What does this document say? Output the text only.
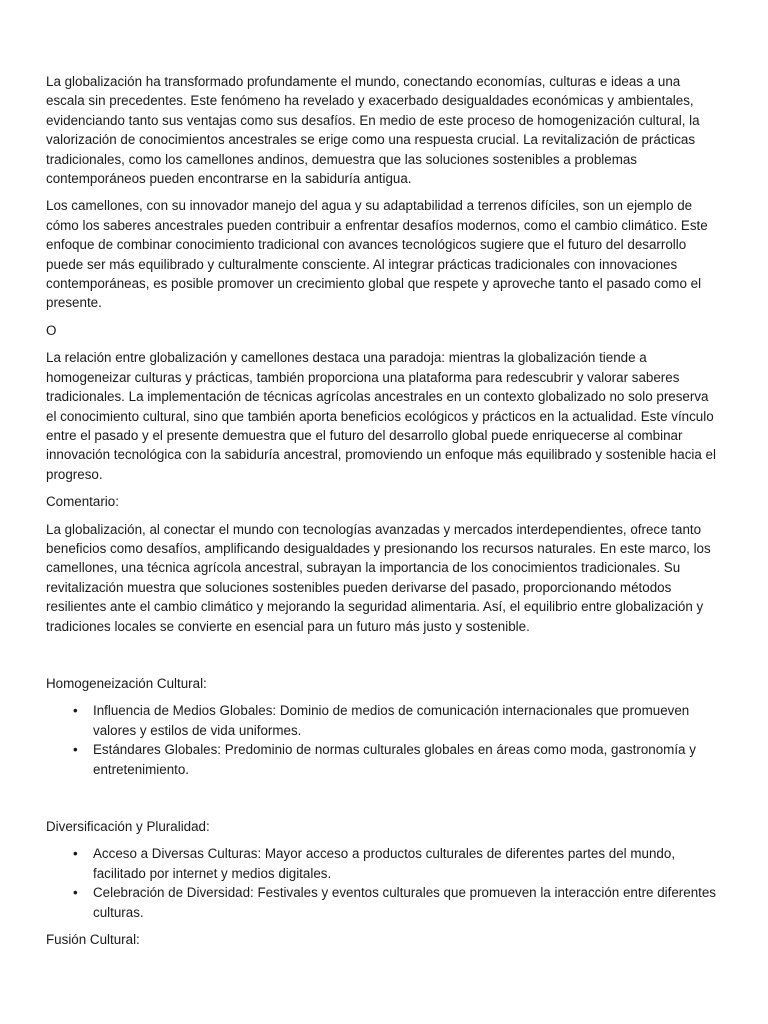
La globalización ha transformado profundamente el mundo, conectando economías, culturas e ideas a una escala sin precedentes. Este fenómeno ha revelado y exacerbado desigualdades económicas y ambientales, evidenciando tanto sus ventajas como sus desafíos. En medio de este proceso de homogenización cultural, la valorización de conocimientos ancestrales se erige como una respuesta crucial. La revitalización de prácticas tradicionales, como los camellones andinos, demuestra que las soluciones sostenibles a problemas contemporáneos pueden encontrarse en la sabiduría antigua.

Los camellones, con su innovador manejo del agua y su adaptabilidad a terrenos difíciles, son un ejemplo de cómo los saberes ancestrales pueden contribuir a enfrentar desafíos modernos, como el cambio climático. Este enfoque de combinar conocimiento tradicional con avances tecnológicos sugiere que el futuro del desarrollo puede ser más equilibrado y culturalmente consciente. Al integrar prácticas tradicionales con innovaciones contemporáneas, es posible promover un crecimiento global que respete y aproveche tanto el pasado como el presente.

O

La relación entre globalización y camellones destaca una paradoja: mientras la globalización tiende a homogeneizar culturas y prácticas, también proporciona una plataforma para redescubrir y valorar saberes tradicionales. La implementación de técnicas agrícolas ancestrales en un contexto globalizado no solo preserva el conocimiento cultural, sino que también aporta beneficios ecológicos y prácticos en la actualidad. Este vínculo entre el pasado y el presente demuestra que el futuro del desarrollo global puede enriquecerse al combinar innovación tecnológica con la sabiduría ancestral, promoviendo un enfoque más equilibrado y sostenible hacia el progreso.

Comentario:

La globalización, al conectar el mundo con tecnologías avanzadas y mercados interdependientes, ofrece tanto beneficios como desafíos, amplificando desigualdades y presionando los recursos naturales. En este marco, los camellones, una técnica agrícola ancestral, subrayan la importancia de los conocimientos tradicionales. Su revitalización muestra que soluciones sostenibles pueden derivarse del pasado, proporcionando métodos resilientes ante el cambio climático y mejorando la seguridad alimentaria. Así, el equilibrio entre globalización y tradiciones locales se convierte en esencial para un futuro más justo y sostenible.

Homogeneización Cultural:

• Influencia de Medios Globales: Dominio de medios de comunicación internacionales que promueven valores y estilos de vida uniformes.
• Estándares Globales: Predominio de normas culturales globales en áreas como moda, gastronomía y entretenimiento.

Diversificación y Pluralidad:

• Acceso a Diversas Culturas: Mayor acceso a productos culturales de diferentes partes del mundo, facilitado por internet y medios digitales.
• Celebración de Diversidad: Festivales y eventos culturales que promueven la interacción entre diferentes culturas.

Fusión Cultural:
